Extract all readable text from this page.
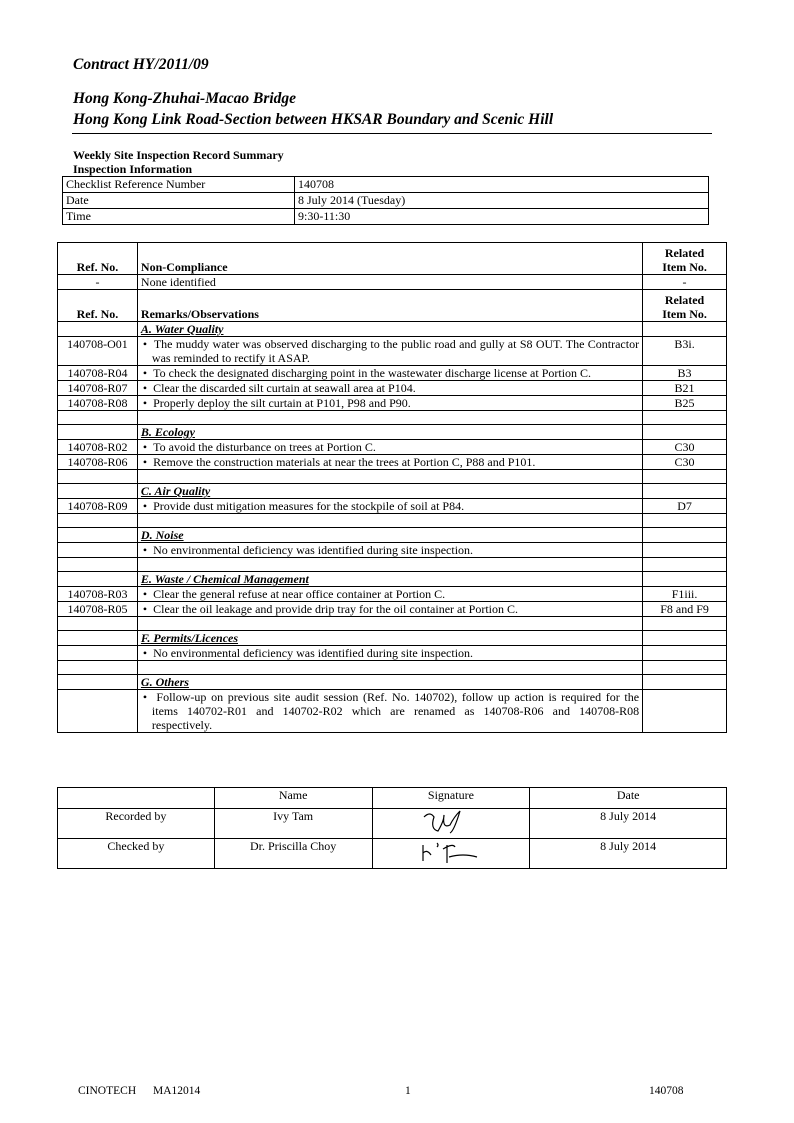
Contract HY/2011/09
Hong Kong-Zhuhai-Macao Bridge
Hong Kong Link Road-Section between HKSAR Boundary and Scenic Hill
Weekly Site Inspection Record Summary
Inspection Information
Checklist Reference Number	140708
Date	8 July 2014 (Tuesday)
Time	9:30-11:30
Ref. No.	Non-Compliance	Related
Item No.

-	None identified	-
Ref. No.	Remarks/Observations	Related
Item No.

	A. Water Quality	
140708-O01	•  The muddy water was observed discharging to the public road and gully at S8 OUT. The Contractor was reminded to rectify it ASAP.	B3i.
140708-R04	•  To check the designated discharging point in the wastewater discharge license at Portion C.	B3
140708-R07	•  Clear the discarded silt curtain at seawall area at P104.	B21
140708-R08	•  Properly deploy the silt curtain at P101, P98 and P90.	B25

	B. Ecology	
140708-R02	•  To avoid the disturbance on trees at Portion C.	C30
140708-R06	•  Remove the construction materials at near the trees at Portion C, P88 and P101.	C30

	C. Air Quality	
140708-R09	•  Provide dust mitigation measures for the stockpile of soil at P84.	D7

	D. Noise	
	•  No environmental deficiency was identified during site inspection.	

	E. Waste / Chemical Management	
140708-R03	•  Clear the general refuse at near office container at Portion C.	F1iii.
140708-R05	•  Clear the oil leakage and provide drip tray for the oil container at Portion C.	F8 and F9

	F. Permits/Licences	
	•  No environmental deficiency was identified during site inspection.	

	G. Others	
	•  Follow-up on previous site audit session (Ref. No. 140702), follow up action is required for the items 140702-R01 and 140702-R02 which are renamed as 140708-R06 and 140708-R08 respectively.	
	Name	Signature	Date
Recorded by	Ivy Tam		8 July 2014
Checked by	Dr. Priscilla Choy		8 July 2014
CINOTECH MA12014	1	140708
